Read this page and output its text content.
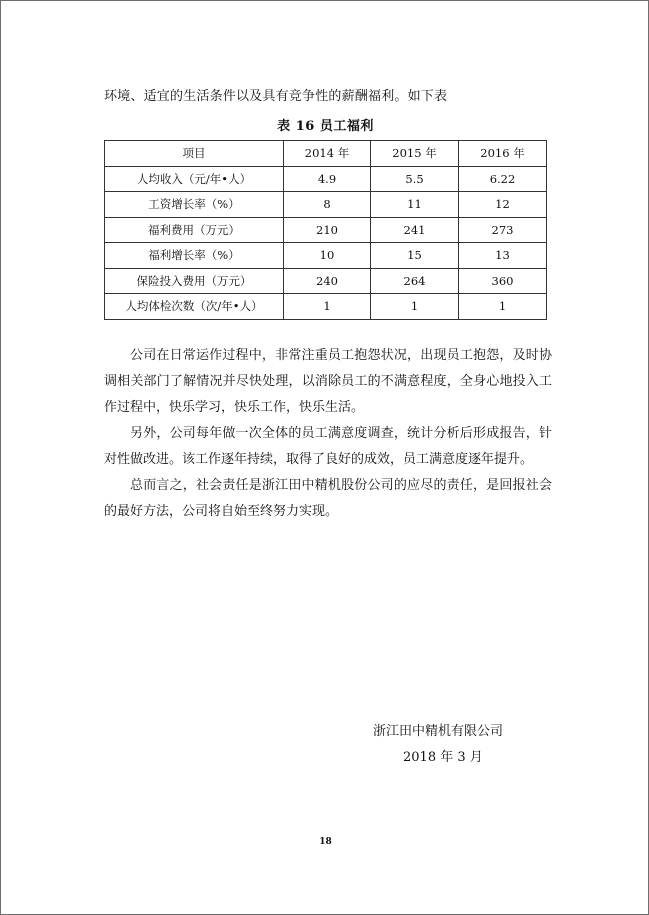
环境、适宜的生活条件以及具有竞争性的薪酬福利。如下表
表 16 员工福利
项目	2014 年	2015 年	2016 年
人均收入（元/年•人）	4.9	5.5	6.22
工资增长率（%）	8	11	12
福利费用（万元）	210	241	273
福利增长率（%）	10	15	13
保险投入费用（万元）	240	264	360
人均体检次数（次/年•人）	1	1	1

公司在日常运作过程中，非常注重员工抱怨状况，出现员工抱怨，及时协调相关部门了解情况并尽快处理，以消除员工的不满意程度，全身心地投入工作过程中，快乐学习，快乐工作，快乐生活。

另外，公司每年做一次全体的员工满意度调查，统计分析后形成报告，针对性做改进。该工作逐年持续，取得了良好的成效，员工满意度逐年提升。

总而言之，社会责任是浙江田中精机股份公司的应尽的责任，是回报社会的最好方法，公司将自始至终努力实现。

浙江田中精机有限公司
2018 年 3 月
18
